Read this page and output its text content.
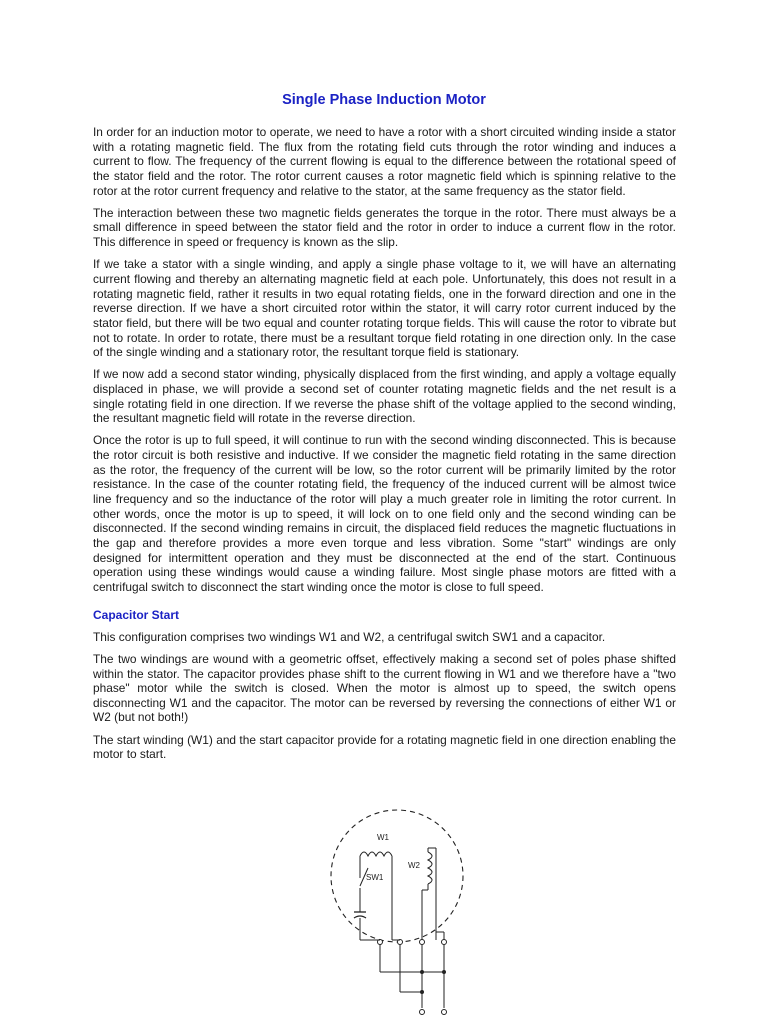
Single Phase Induction Motor

In order for an induction motor to operate, we need to have a rotor with a short circuited winding inside a stator with a rotating magnetic field. The flux from the rotating field cuts through the rotor winding and induces a current to flow. The frequency of the current flowing is equal to the difference between the rotational speed of the stator field and the rotor. The rotor current causes a rotor magnetic field which is spinning relative to the rotor at the rotor current frequency and relative to the stator, at the same frequency as the stator field.

The interaction between these two magnetic fields generates the torque in the rotor. There must always be a small difference in speed between the stator field and the rotor in order to induce a current flow in the rotor. This difference in speed or frequency is known as the slip.

If we take a stator with a single winding, and apply a single phase voltage to it, we will have an alternating current flowing and thereby an alternating magnetic field at each pole. Unfortunately, this does not result in a rotating magnetic field, rather it results in two equal rotating fields, one in the forward direction and one in the reverse direction. If we have a short circuited rotor within the stator, it will carry rotor current induced by the stator field, but there will be two equal and counter rotating torque fields. This will cause the rotor to vibrate but not to rotate. In order to rotate, there must be a resultant torque field rotating in one direction only. In the case of the single winding and a stationary rotor, the resultant torque field is stationary.

If we now add a second stator winding, physically displaced from the first winding, and apply a voltage equally displaced in phase, we will provide a second set of counter rotating magnetic fields and the net result is a single rotating field in one direction. If we reverse the phase shift of the voltage applied to the second winding, the resultant magnetic field will rotate in the reverse direction.

Once the rotor is up to full speed, it will continue to run with the second winding disconnected. This is because the rotor circuit is both resistive and inductive. If we consider the magnetic field rotating in the same direction as the rotor, the frequency of the current will be low, so the rotor current will be primarily limited by the rotor resistance. In the case of the counter rotating field, the frequency of the induced current will be almost twice line frequency and so the inductance of the rotor will play a much greater role in limiting the rotor current. In other words, once the motor is up to speed, it will lock on to one field only and the second winding can be disconnected. If the second winding remains in circuit, the displaced field reduces the magnetic fluctuations in the gap and therefore provides a more even torque and less vibration. Some "start" windings are only designed for intermittent operation and they must be disconnected at the end of the start. Continuous operation using these windings would cause a winding failure. Most single phase motors are fitted with a centrifugal switch to disconnect the start winding once the motor is close to full speed.

Capacitor Start

This configuration comprises two windings W1 and W2, a centrifugal switch SW1 and a capacitor.

The two windings are wound with a geometric offset, effectively making a second set of poles phase shifted within the stator. The capacitor provides phase shift to the current flowing in W1 and we therefore have a "two phase" motor while the switch is closed. When the motor is almost up to speed, the switch opens disconnecting W1 and the capacitor. The motor can be reversed by reversing the connections of either W1 or W2 (but not both!)

The start winding (W1) and the start capacitor provide for a rotating magnetic field in one direction enabling the motor to start.

W1
W2
SW1
